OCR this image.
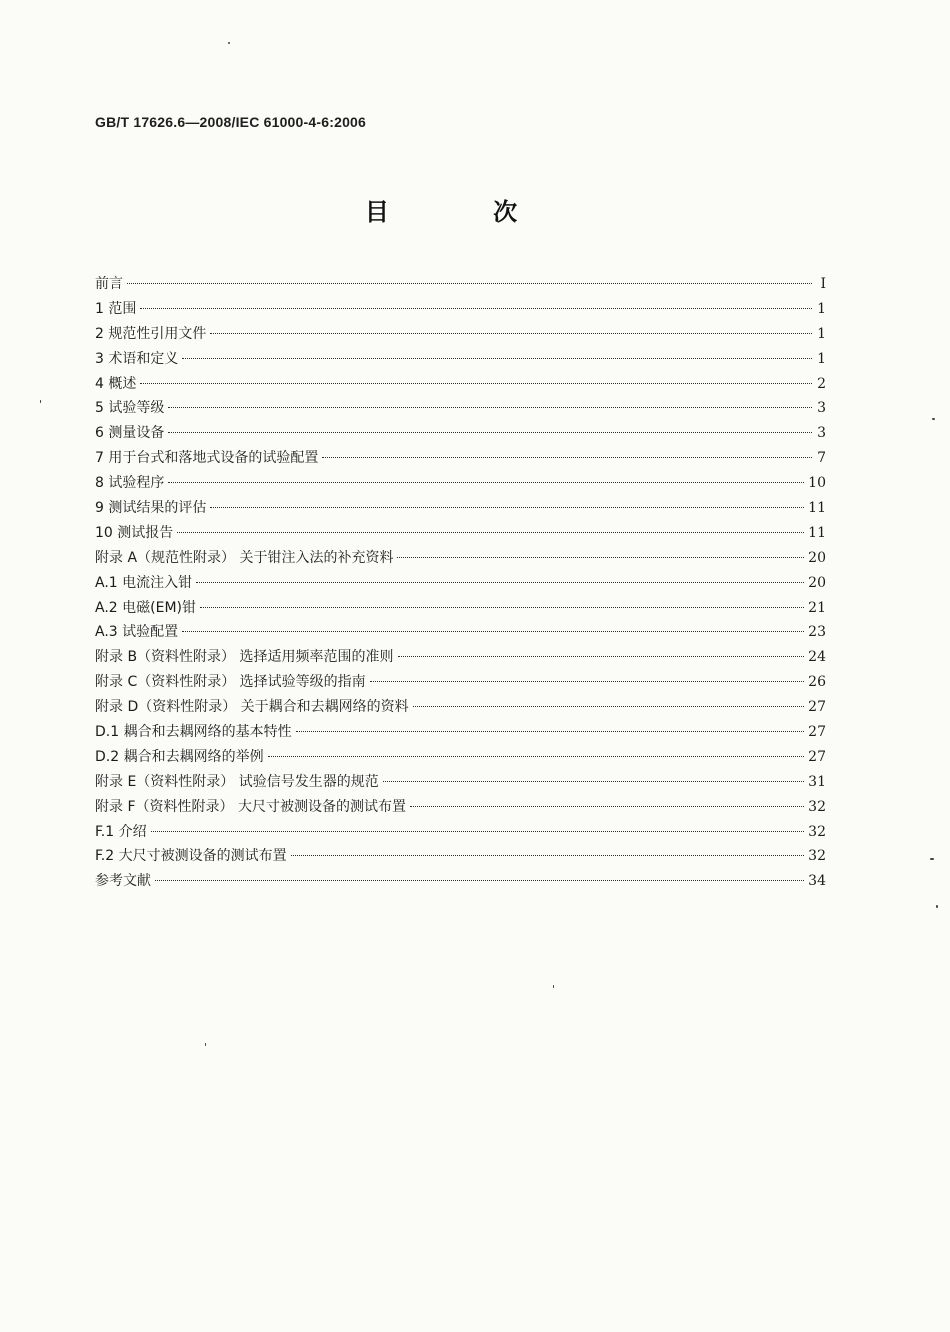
GB/T 17626.6—2008/IEC 61000-4-6:2006
目 次
前言	I
1 范围	1
2 规范性引用文件	1
3 术语和定义	1
4 概述	2
5 试验等级	3
6 测量设备	3
7 用于台式和落地式设备的试验配置	7
8 试验程序	10
9 测试结果的评估	11
10 测试报告	11
附录 A（规范性附录） 关于钳注入法的补充资料	20
A.1 电流注入钳	20
A.2 电磁(EM)钳	21
A.3 试验配置	23
附录 B（资料性附录） 选择适用频率范围的准则	24
附录 C（资料性附录） 选择试验等级的指南	26
附录 D（资料性附录） 关于耦合和去耦网络的资料	27
D.1 耦合和去耦网络的基本特性	27
D.2 耦合和去耦网络的举例	27
附录 E（资料性附录） 试验信号发生器的规范	31
附录 F（资料性附录） 大尺寸被测设备的测试布置	32
F.1 介绍	32
F.2 大尺寸被测设备的测试布置	32
参考文献	34
